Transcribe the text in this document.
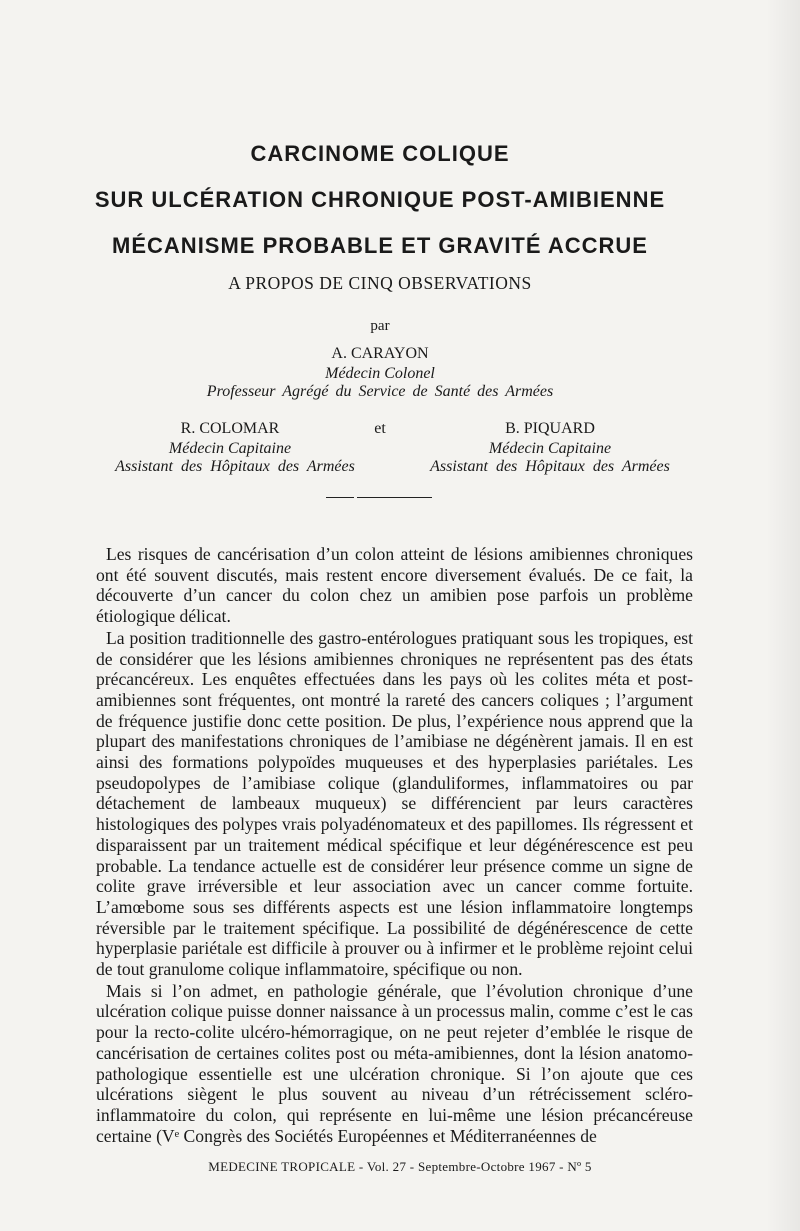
CARCINOME COLIQUE
SUR ULCÉRATION CHRONIQUE POST-AMIBIENNE
MÉCANISME PROBABLE ET GRAVITÉ ACCRUE
A PROPOS DE CINQ OBSERVATIONS
par
A. CARAYON
Médecin Colonel
Professeur Agrégé du Service de Santé des Armées
R. COLOMAR	et	B. PIQUARD
Médecin Capitaine	Médecin Capitaine
Assistant des Hôpitaux des Armées	Assistant des Hôpitaux des Armées

Les risques de cancérisation d’un colon atteint de lésions amibiennes chroniques ont été souvent discutés, mais restent encore diversement évalués. De ce fait, la découverte d’un cancer du colon chez un amibien pose parfois un problème étiologique délicat.

La position traditionnelle des gastro-entérologues pratiquant sous les tropiques, est de considérer que les lésions amibiennes chroniques ne représentent pas des états précancéreux. Les enquêtes effectuées dans les pays où les colites méta et post-amibiennes sont fréquentes, ont montré la rareté des cancers coliques ; l’argument de fréquence justifie donc cette position. De plus, l’expérience nous apprend que la plupart des manifestations chroniques de l’amibiase ne dégénèrent jamais. Il en est ainsi des formations polypoïdes muqueuses et des hyperplasies pariétales. Les pseudopolypes de l’amibiase colique (glanduliformes, inflammatoires ou par détachement de lambeaux muqueux) se différencient par leurs caractères histologiques des polypes vrais polyadénomateux et des papillomes. Ils régressent et disparaissent par un traitement médical spécifique et leur dégénérescence est peu probable. La tendance actuelle est de considérer leur présence comme un signe de colite grave irréversible et leur association avec un cancer comme fortuite. L’amœbome sous ses différents aspects est une lésion inflammatoire longtemps réversible par le traitement spécifique. La possibilité de dégénérescence de cette hyperplasie pariétale est difficile à prouver ou à infirmer et le problème rejoint celui de tout granulome colique inflammatoire, spécifique ou non.

Mais si l’on admet, en pathologie générale, que l’évolution chronique d’une ulcération colique puisse donner naissance à un processus malin, comme c’est le cas pour la recto-colite ulcéro-hémorragique, on ne peut rejeter d’emblée le risque de cancérisation de certaines colites post ou méta-amibiennes, dont la lésion anatomo-pathologique essentielle est une ulcération chronique. Si l’on ajoute que ces ulcérations siègent le plus souvent au niveau d’un rétrécissement scléro-inflammatoire du colon, qui représente en lui-même une lésion précancéreuse certaine (Vᵉ Congrès des Sociétés Européennes et Méditerranéennes de

MEDECINE TROPICALE - Vol. 27 - Septembre-Octobre 1967 - Nº 5
